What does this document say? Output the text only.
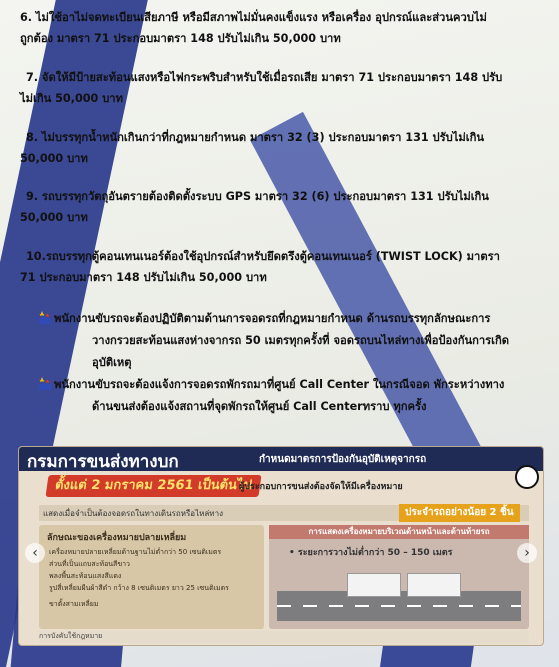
6. ไม่ใช้อาไม่จดทะเบียนเสียภาษี หรือมีสภาพไม่มั่นคงแข็งแรง หรือเครื่อง อุปกรณ์และส่วนควบไม่
ถูกต้อง มาตรา 71 ประกอบมาตรา 148 ปรับไม่เกิน 50,000 บาท
7. จัดให้มีป้ายสะท้อนแสงหรือไฟกระพริบสำหรับใช้เมื่อรถเสีย มาตรา 71 ประกอบมาตรา 148 ปรับ
ไม่เกิน 50,000 บาท
8. ไม่บรรทุกน้ำหนักเกินกว่าที่กฎหมายกำหนด มาตรา 32 (3) ประกอบมาตรา 131 ปรับไม่เกิน
50,000 บาท
9. รถบรรทุกวัตถุอันตรายต้องติดตั้งระบบ GPS มาตรา 32 (6) ประกอบมาตรา 131 ปรับไม่เกิน
50,000 บาท
10.รถบรรทุกตู้คอนเทนเนอร์ต้องใช้อุปกรณ์สำหรับยึดตรึงตู้คอนเทนเนอร์ (TWIST LOCK) มาตรา
71 ประกอบมาตรา 148 ปรับไม่เกิน 50,000 บาท
พนักงานขับรถจะต้องปฏิบัติตามด้านการจอดรถที่กฎหมายกำหนด ด้านรถบรรทุกลักษณะการ
วางกรวยสะท้อนแสงห่างจากรถ 50 เมตรทุกครั้งที่ จอดรถบนไหล่ทางเพื่อป้องกันการเกิด
อุบัติเหตุ
พนักงานขับรถจะต้องแจ้งการจอดรถพักรถมาที่ศูนย์ Call Center ในกรณีจอด พักระหว่างทาง
ด้านขนส่งต้องแจ้งสถานที่จุดพักรถให้ศูนย์ Call Centerทราบ ทุกครั้ง
กรมการขนส่งทางบก	กำหนดมาตรการป้องกันอุบัติเหตุจากรถ
ตั้งแต่ 2 มกราคม 2561 เป็นต้นไป
ผู้ประกอบการขนส่งต้องจัดให้มีเครื่องหมาย
แสดงเมื่อจำเป็นต้องจอดรถในทางเดินรถหรือไหล่ทาง	ประจำรถอย่างน้อย 2 ชิ้น
ลักษณะของเครื่องหมายปลายเหลี่ยม
เครื่องหมายปลายเหลี่ยมด้านฐานไม่ต่ำกว่า 50 เซนติเมตร
ส่วนที่เป็นแถบสะท้อนสีขาว
พลงพื้นสะท้อนแสงสีแดง
รูปสี่เหลี่ยมผืนผ้าสีดำ กว้าง 8 เซนติเมตร ยาว 25 เซนติเมตร
ขาตั้งสามเหลี่ยม
การแสดงเครื่องหมายบริเวณด้านหน้าและด้านท้ายรถ
• ระยะการวางไม่ต่ำกว่า 50 – 150 เมตร
การบังคับใช้กฎหมาย
‹	›
